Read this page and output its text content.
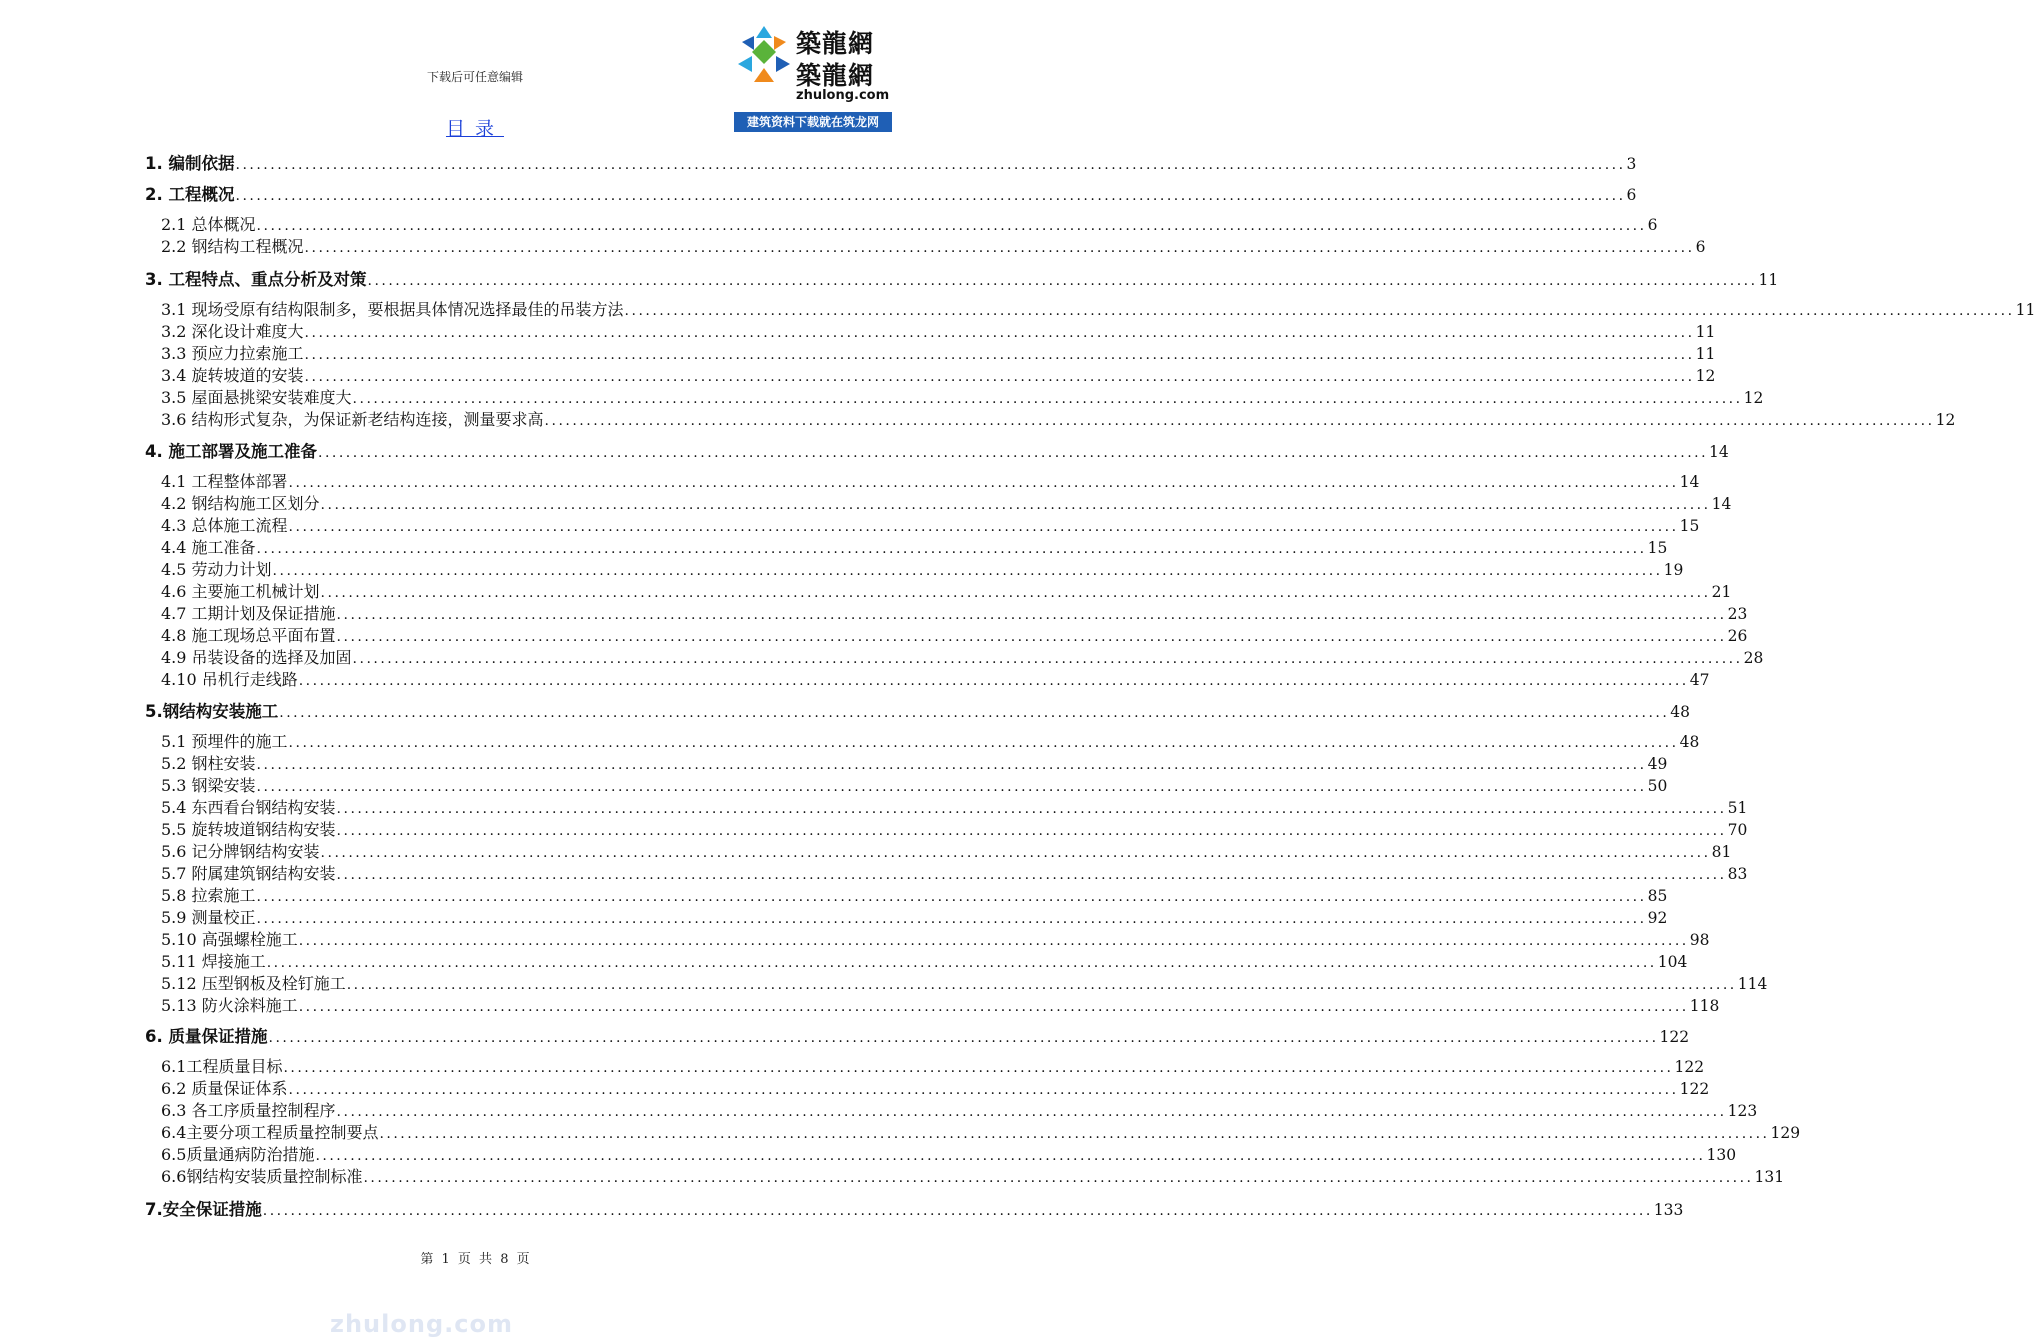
下载后可任意编辑
築龍網
築龍網
zhulong.com
建筑资料下载就在筑龙网
目录
1. 编制依据 ........................................................................................................................................................................................................ 3
2. 工程概况 ........................................................................................................................................................................................................ 6
2.1 总体概况 ........................................................................................................................................................................................................ 6
2.2 钢结构工程概况 ........................................................................................................................................................................................................ 6
3. 工程特点、重点分析及对策 ........................................................................................................................................................................................................ 11
3.1 现场受原有结构限制多，要根据具体情况选择最佳的吊装方法 ........................................................................................................................................................................................................ 11
3.2 深化设计难度大 ........................................................................................................................................................................................................ 11
3.3 预应力拉索施工 ........................................................................................................................................................................................................ 11
3.4 旋转坡道的安装 ........................................................................................................................................................................................................ 12
3.5 屋面悬挑梁安装难度大 ........................................................................................................................................................................................................ 12
3.6 结构形式复杂，为保证新老结构连接，测量要求高 ........................................................................................................................................................................................................ 12
4. 施工部署及施工准备 ........................................................................................................................................................................................................ 14
4.1 工程整体部署 ........................................................................................................................................................................................................ 14
4.2 钢结构施工区划分 ........................................................................................................................................................................................................ 14
4.3 总体施工流程 ........................................................................................................................................................................................................ 15
4.4 施工准备 ........................................................................................................................................................................................................ 15
4.5 劳动力计划 ........................................................................................................................................................................................................ 19
4.6 主要施工机械计划 ........................................................................................................................................................................................................ 21
4.7 工期计划及保证措施 ........................................................................................................................................................................................................ 23
4.8 施工现场总平面布置 ........................................................................................................................................................................................................ 26
4.9 吊装设备的选择及加固 ........................................................................................................................................................................................................ 28
4.10 吊机行走线路 ........................................................................................................................................................................................................ 47
5.钢结构安装施工 ........................................................................................................................................................................................................ 48
5.1 预埋件的施工 ........................................................................................................................................................................................................ 48
5.2 钢柱安装 ........................................................................................................................................................................................................ 49
5.3 钢梁安装 ........................................................................................................................................................................................................ 50
5.4 东西看台钢结构安装 ........................................................................................................................................................................................................ 51
5.5 旋转坡道钢结构安装 ........................................................................................................................................................................................................ 70
5.6 记分牌钢结构安装 ........................................................................................................................................................................................................ 81
5.7 附属建筑钢结构安装 ........................................................................................................................................................................................................ 83
5.8 拉索施工 ........................................................................................................................................................................................................ 85
5.9 测量校正 ........................................................................................................................................................................................................ 92
5.10 高强螺栓施工 ........................................................................................................................................................................................................ 98
5.11 焊接施工 ........................................................................................................................................................................................................ 104
5.12 压型钢板及栓钉施工 ........................................................................................................................................................................................................ 114
5.13 防火涂料施工 ........................................................................................................................................................................................................ 118
6. 质量保证措施 ........................................................................................................................................................................................................ 122
6.1工程质量目标 ........................................................................................................................................................................................................ 122
6.2 质量保证体系 ........................................................................................................................................................................................................ 122
6.3 各工序质量控制程序 ........................................................................................................................................................................................................ 123
6.4主要分项工程质量控制要点 ........................................................................................................................................................................................................ 129
6.5质量通病防治措施 ........................................................................................................................................................................................................ 130
6.6钢结构安装质量控制标准 ........................................................................................................................................................................................................ 131
7.安全保证措施 ........................................................................................................................................................................................................ 133
第 1 页 共 8 页
zhulong.com
